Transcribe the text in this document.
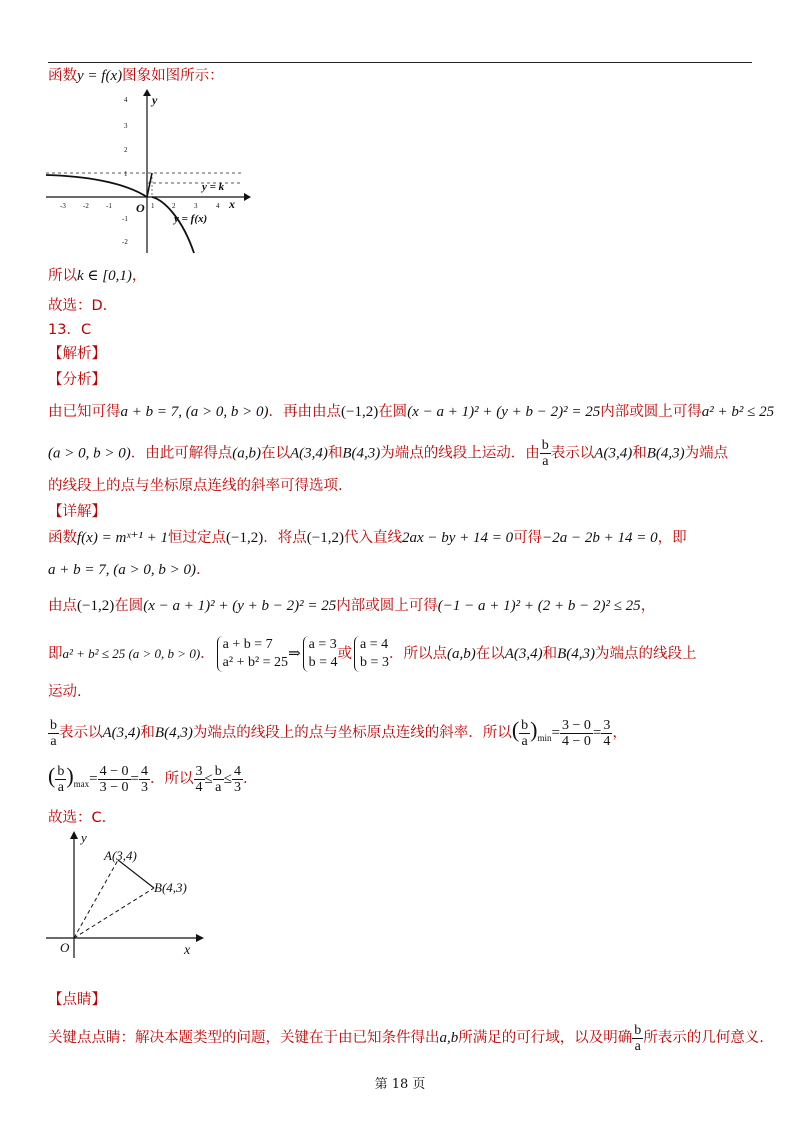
函数y = f(x)图象如图所示：
4
3
2
1
-1
-2
-3 -2 -1	1	2	3	4
y
x
O
y = k
y = f(x)
所以k ∈ [0,1)，
故选：D.
13．C
【解析】
【分析】
由已知可得a + b = 7, (a > 0, b > 0)．再由由点(−1,2)在圆(x − a + 1)² + (y + b − 2)² = 25内部或圆上可得a² + b² ≤ 25
(a > 0, b > 0)．由此可解得点(a,b)在以A(3,4)和B(4,3)为端点的线段上运动．由 $\frac{b}{a}$ 表示以A(3,4)和B(4,3)为端点
的线段上的点与坐标原点连线的斜率可得选项.
【详解】
函数f(x) = mˣ⁺¹ + 1恒过定点(−1,2)．将点(−1,2)代入直线2ax − by + 14 = 0可得−2a − 2b + 14 = 0，即
a + b = 7, (a > 0, b > 0).
由点(−1,2)在圆(x − a + 1)² + (y + b − 2)² = 25内部或圆上可得(−1 − a + 1)² + (2 + b − 2)² ≤ 25，
即a² + b² ≤ 25 (a > 0, b > 0)．
a + b = 7
a² + b² = 25
⇒
a = 3
b = 4
或
a = 4
b = 3
．所以点(a,b)在以A(3,4)和B(4,3)为端点的线段上
运动.
$\frac{b}{a}$ 表示以A(3,4)和B(4,3)为端点的线段上的点与坐标原点连线的斜率．所以( $\frac{b}{a} )_{min}= \frac{3 - 0}{4 - 0} = \frac{3}{4}$ ，
( $\frac{b}{a} )_{max}= \frac{4 - 0}{3 - 0} = \frac{4}{3}$ ．所以 $\frac{3}{4} \le \frac{b}{a} \le \frac{4}{3}$ .
故选：C.
y
x
O
A(3,4)
B(4,3)
【点睛】
关键点点睛：解决本题类型的问题，关键在于由已知条件得出a,b所满足的可行域，以及明确 $\frac{b}{a}$ 所表示的几何意义.
第 18 页
